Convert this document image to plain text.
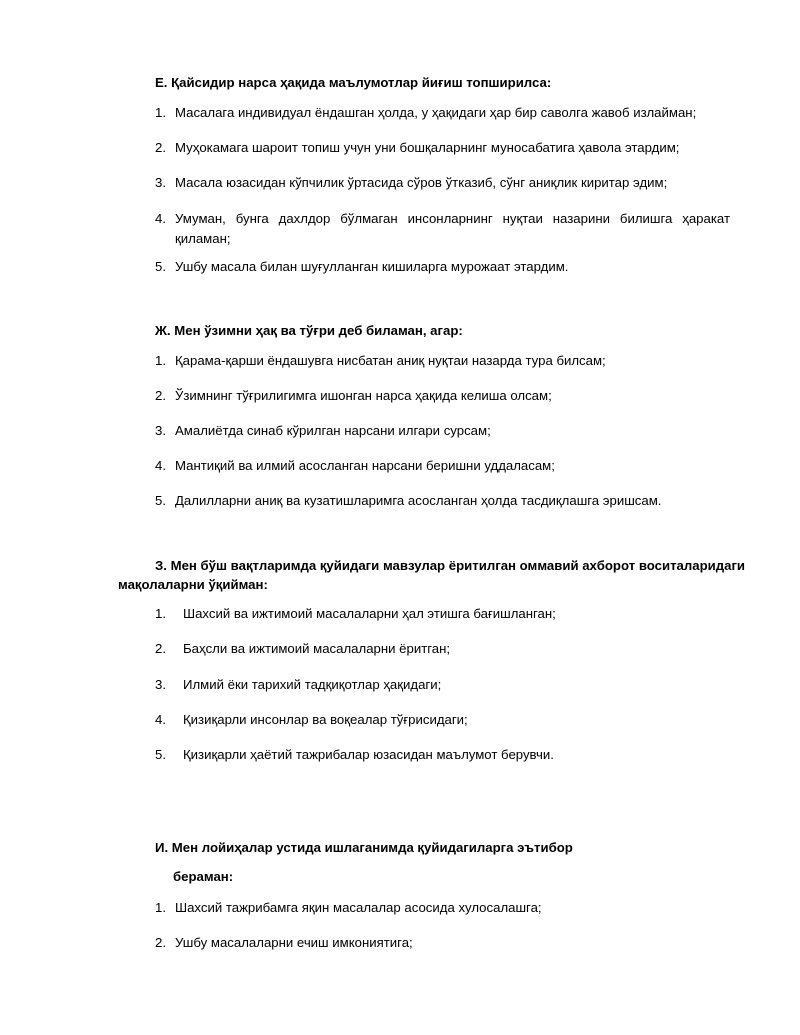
Е. Қайсидир нарса ҳақида маълумотлар йиғиш топширилса:
1. Масалага индивидуал ёндашган ҳолда, у ҳақидаги ҳар бир саволга жавоб излайман;
2. Муҳокамага шароит топиш учун уни бошқаларнинг муносабатига ҳавола этардим;
3. Масала юзасидан кўпчилик ўртасида сўров ўтказиб, сўнг аниқлик киритар эдим;
4. Умуман, бунга дахлдор бўлмаган инсонларнинг нуқтаи назарини билишга ҳаракат
қиламан;
5. Ушбу масала билан шуғулланган кишиларга мурожаат этардим.
Ж. Мен ўзимни ҳақ ва тўғри деб биламан, агар:
1. Қарама-қарши ёндашувга нисбатан аниқ нуқтаи назарда тура билсам;
2. Ўзимнинг тўғрилигимга ишонган нарса ҳақида келиша олсам;
3. Амалиётда синаб кўрилган нарсани илгари сурсам;
4. Мантиқий ва илмий асосланган нарсани беришни уддаласам;
5. Далилларни аниқ ва кузатишларимга асосланган ҳолда тасдиқлашга эришсам.
З. Мен бўш вақтларимда қуйидаги мавзулар ёритилган оммавий ахборот воситаларидаги
мақолаларни ўқийман:
1. Шахсий ва ижтимоий масалаларни ҳал этишга бағишланган;
2. Баҳсли ва ижтимоий масалаларни ёритган;
3. Илмий ёки тарихий тадқиқотлар ҳақидаги;
4. Қизиқарли инсонлар ва воқеалар тўғрисидаги;
5. Қизиқарли ҳаётий тажрибалар юзасидан маълумот берувчи.
И. Мен лойиҳалар устида ишлаганимда қуйидагиларга эътибор
бераман:
1. Шахсий тажрибамга яқин масалалар асосида хулосалашга;
2. Ушбу масалаларни ечиш имкониятига;
